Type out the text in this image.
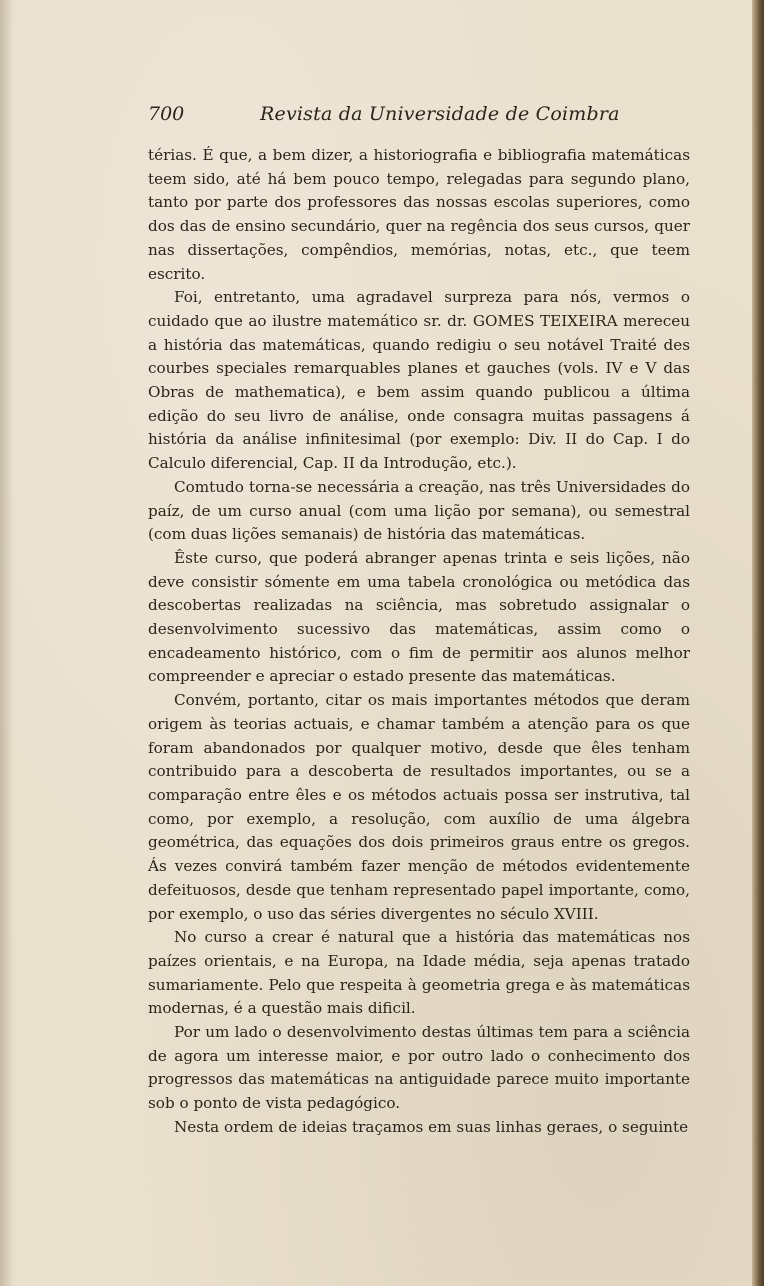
700	Revista da Universidade de Coimbra

térias. É que, a bem dizer, a historiografia e bibliografia matemáticas teem sido, até há bem pouco tempo, relegadas para segundo plano, tanto por parte dos professores das nossas escolas superiores, como dos das de ensino secundário, quer na regência dos seus cursos, quer nas dissertações, compêndios, memórias, notas, etc., que teem escrito.

Foi, entretanto, uma agradavel surpreza para nós, vermos o cuidado que ao ilustre matemático sr. dr. GOMES TEIXEIRA mereceu a história das matemáticas, quando redigiu o seu notável Traité des courbes speciales remarquables planes et gauches (vols. IV e V das Obras de mathematica), e bem assim quando publicou a última edição do seu livro de análise, onde consagra muitas passagens á história da análise infinitesimal (por exemplo: Div. II do Cap. I do Calculo diferencial, Cap. II da Introdução, etc.).

Comtudo torna-se necessária a creação, nas três Universidades do paíz, de um curso anual (com uma lição por semana), ou semestral (com duas lições semanais) de história das matemáticas.

Êste curso, que poderá abranger apenas trinta e seis lições, não deve consistir sómente em uma tabela cronológica ou metódica das descobertas realizadas na sciência, mas sobretudo assignalar o desenvolvimento sucessivo das matemáticas, assim como o encadeamento histórico, com o fim de permitir aos alunos melhor compreender e apreciar o estado presente das matemáticas.

Convém, portanto, citar os mais importantes métodos que deram origem às teorias actuais, e chamar também a atenção para os que foram abandonados por qualquer motivo, desde que êles tenham contribuido para a descoberta de resultados importantes, ou se a comparação entre êles e os métodos actuais possa ser instrutiva, tal como, por exemplo, a resolução, com auxílio de uma álgebra geométrica, das equações dos dois primeiros graus entre os gregos. Ás vezes convirá também fazer menção de métodos evidentemente defeituosos, desde que tenham representado papel importante, como, por exemplo, o uso das séries divergentes no século XVIII.

No curso a crear é natural que a história das matemáticas nos paízes orientais, e na Europa, na Idade média, seja apenas tratado sumariamente. Pelo que respeita à geometria grega e às matemáticas modernas, é a questão mais dificil.

Por um lado o desenvolvimento destas últimas tem para a sciência de agora um interesse maior, e por outro lado o conhecimento dos progressos das matemáticas na antiguidade parece muito importante sob o ponto de vista pedagógico.

Nesta ordem de ideias traçamos em suas linhas geraes, o seguinte
